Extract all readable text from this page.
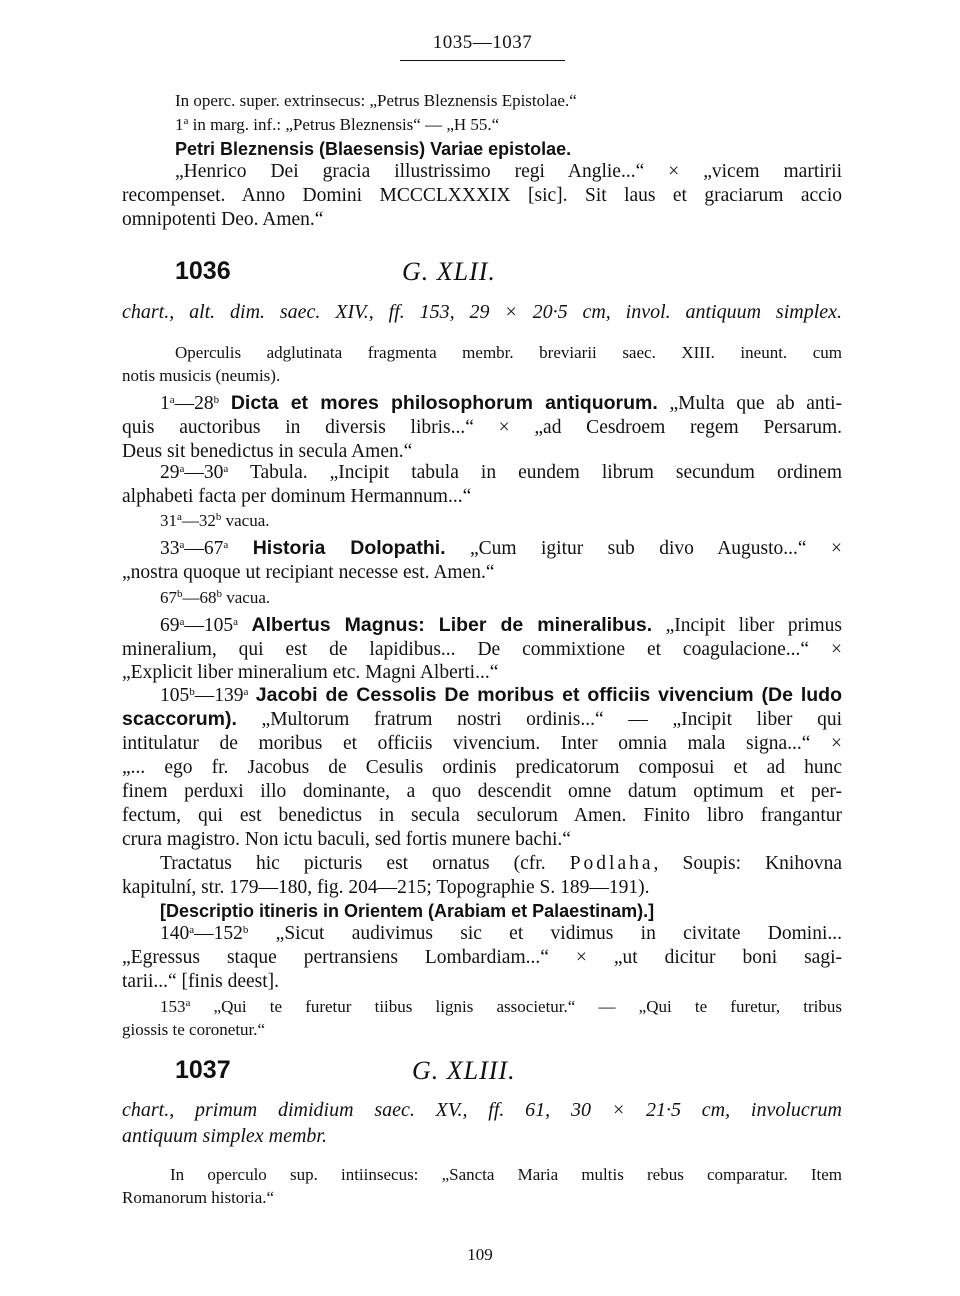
1035—1037
In operc. super. extrinsecus: „Petrus Bleznensis Epistolae.“
1$^a$ in marg. inf.: „Petrus Bleznensis“ — „H 55.“
Petri Bleznensis (Blaesensis) Variae epistolae.
„Henrico Dei gracia illustrissimo regi Anglie...“ × „vicem martirii
recompenset. Anno Domini MCCCLXXXIX [sic]. Sit laus et graciarum accio
omnipotenti Deo. Amen.“
1036	G. XLII.
chart., alt. dim. saec. XIV., ff. 153, 29 × 20·5 cm, invol. antiquum simplex.
Operculis adglutinata fragmenta membr. breviarii saec. XIII. ineunt. cum
notis musicis (neumis).
1$^a$—28$^b$ Dicta et mores philosophorum antiquorum. „Multa que ab anti-
quis auctoribus in diversis libris...“ × „ad Cesdroem regem Persarum.
Deus sit benedictus in secula Amen.“
29$^a$—30$^a$ Tabula. „Incipit tabula in eundem librum secundum ordinem
alphabeti facta per dominum Hermannum...“
31$^a$—32$^b$ vacua.
33$^a$—67$^a$ Historia Dolopathi. „Cum igitur sub divo Augusto...“ ×
„nostra quoque ut recipiant necesse est. Amen.“
67$^b$—68$^b$ vacua.
69$^a$—105$^a$ Albertus Magnus: Liber de mineralibus. „Incipit liber primus
mineralium, qui est de lapidibus... De commixtione et coagulacione...“ ×
„Explicit liber mineralium etc. Magni Alberti...“
105$^b$—139$^a$ Jacobi de Cessolis De moribus et officiis vivencium (De ludo
scaccorum). „Multorum fratrum nostri ordinis...“ — „Incipit liber qui
intitulatur de moribus et officiis vivencium. Inter omnia mala signa...“ ×
„... ego fr. Jacobus de Cesulis ordinis predicatorum composui et ad hunc
finem perduxi illo dominante, a quo descendit omne datum optimum et per-
fectum, qui est benedictus in secula seculorum Amen. Finito libro frangantur
crura magistro. Non ictu baculi, sed fortis munere bachi.“
Tractatus hic picturis est ornatus (cfr. Podlaha, Soupis: Knihovna
kapitulní, str. 179—180, fig. 204—215; Topographie S. 189—191).
[Descriptio itineris in Orientem (Arabiam et Palaestinam).]
140$^a$—152$^b$ „Sicut audivimus sic et vidimus in civitate Domini...
„Egressus staque pertransiens Lombardiam...“ × „ut dicitur boni sagi-
tarii...“ [finis deest].
153$^a$ „Qui te furetur tiibus lignis associetur.“ — „Qui te furetur, tribus
giossis te coronetur.“
1037	G. XLIII.
chart., primum dimidium saec. XV., ff. 61, 30 × 21·5 cm, involucrum
antiquum simplex membr.
In operculo sup. intiinsecus: „Sancta Maria multis rebus comparatur. Item
Romanorum historia.“
109
